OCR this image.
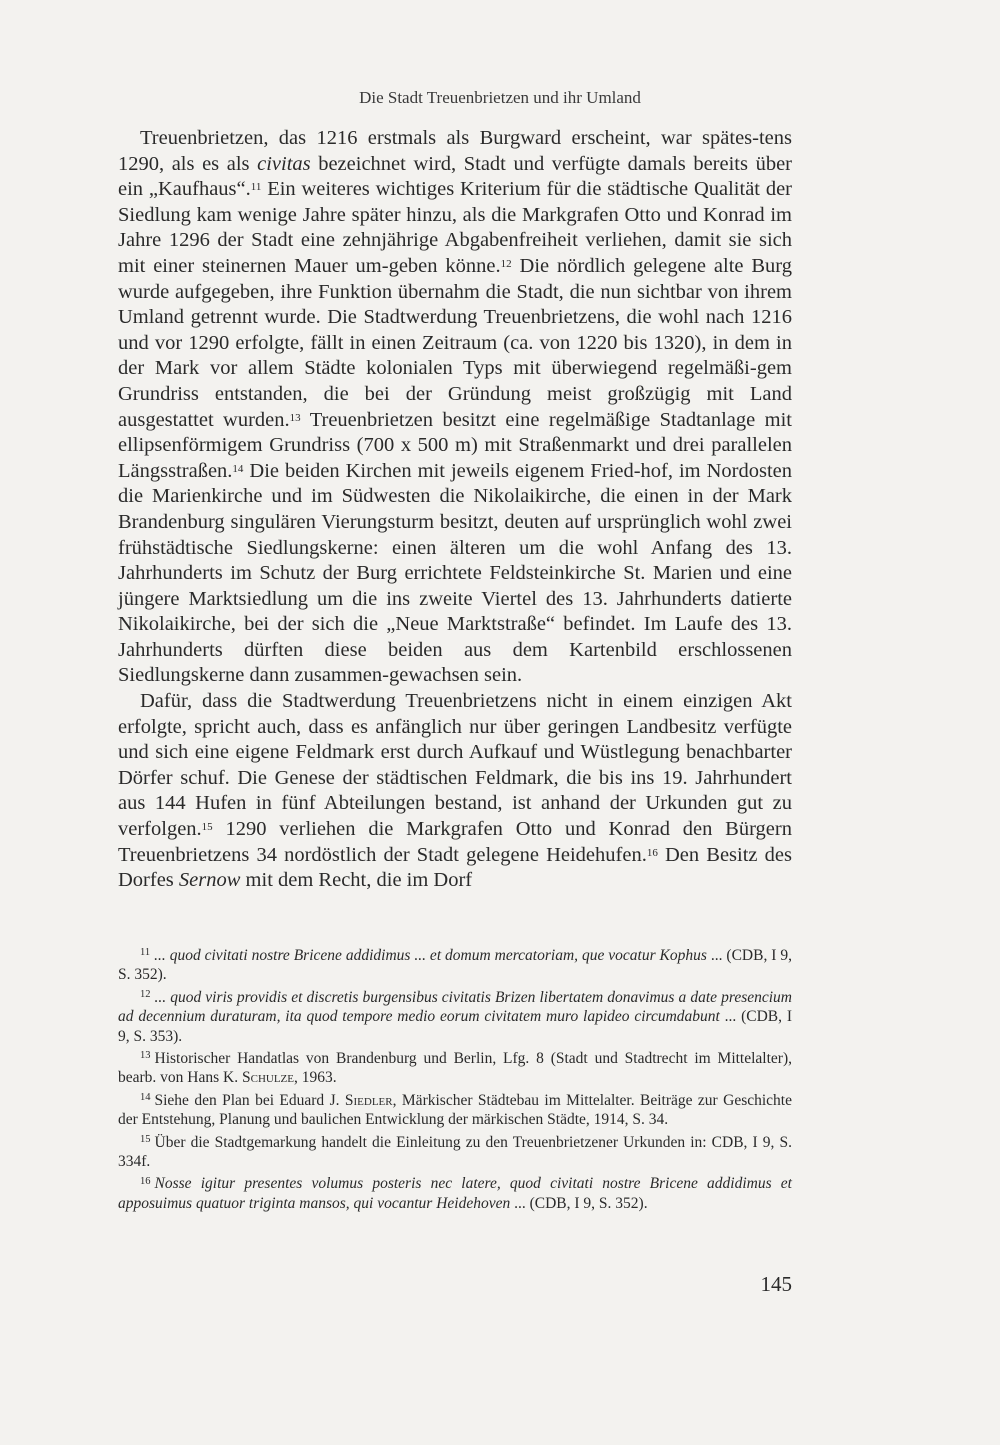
Die Stadt Treuenbrietzen und ihr Umland

Treuenbrietzen, das 1216 erstmals als Burgward erscheint, war spätes-tens 1290, als es als civitas bezeichnet wird, Stadt und verfügte damals bereits über ein „Kaufhaus“.$^{11}$ Ein weiteres wichtiges Kriterium für die städtische Qualität der Siedlung kam wenige Jahre später hinzu, als die Markgrafen Otto und Konrad im Jahre 1296 der Stadt eine zehnjährige Abgabenfreiheit verliehen, damit sie sich mit einer steinernen Mauer um-geben könne.$^{12}$ Die nördlich gelegene alte Burg wurde aufgegeben, ihre Funktion übernahm die Stadt, die nun sichtbar von ihrem Umland getrennt wurde. Die Stadtwerdung Treuenbrietzens, die wohl nach 1216 und vor 1290 erfolgte, fällt in einen Zeitraum (ca. von 1220 bis 1320), in dem in der Mark vor allem Städte kolonialen Typs mit überwiegend regelmäßi-gem Grundriss entstanden, die bei der Gründung meist großzügig mit Land ausgestattet wurden.$^{13}$ Treuenbrietzen besitzt eine regelmäßige Stadtanlage mit ellipsenförmigem Grundriss (700 x 500 m) mit Straßenmarkt und drei parallelen Längsstraßen.$^{14}$ Die beiden Kirchen mit jeweils eigenem Fried-hof, im Nordosten die Marienkirche und im Südwesten die Nikolaikirche, die einen in der Mark Brandenburg singulären Vierungsturm besitzt, deuten auf ursprünglich wohl zwei frühstädtische Siedlungskerne: einen älteren um die wohl Anfang des 13. Jahrhunderts im Schutz der Burg errichtete Feldsteinkirche St. Marien und eine jüngere Marktsiedlung um die ins zweite Viertel des 13. Jahrhunderts datierte Nikolaikirche, bei der sich die „Neue Marktstraße“ befindet. Im Laufe des 13. Jahrhunderts dürften diese beiden aus dem Kartenbild erschlossenen Siedlungskerne dann zusammen-gewachsen sein.

Dafür, dass die Stadtwerdung Treuenbrietzens nicht in einem einzigen Akt erfolgte, spricht auch, dass es anfänglich nur über geringen Landbesitz verfügte und sich eine eigene Feldmark erst durch Aufkauf und Wüstlegung benachbarter Dörfer schuf. Die Genese der städtischen Feldmark, die bis ins 19. Jahrhundert aus 144 Hufen in fünf Abteilungen bestand, ist anhand der Urkunden gut zu verfolgen.$^{15}$ 1290 verliehen die Markgrafen Otto und Konrad den Bürgern Treuenbrietzens 34 nordöstlich der Stadt gelegene Heidehufen.$^{16}$ Den Besitz des Dorfes Sernow mit dem Recht, die im Dorf

$^{11}$ ... quod civitati nostre Bricene addidimus ... et domum mercatoriam, que vocatur Kophus ... (CDB, I 9, S. 352).
$^{12}$ ... quod viris providis et discretis burgensibus civitatis Brizen libertatem donavimus a date presencium ad decennium duraturam, ita quod tempore medio eorum civitatem muro lapideo circumdabunt ... (CDB, I 9, S. 353).
$^{13}$ Historischer Handatlas von Brandenburg und Berlin, Lfg. 8 (Stadt und Stadtrecht im Mittelalter), bearb. von Hans K. Schulze, 1963.
$^{14}$ Siehe den Plan bei Eduard J. Siedler, Märkischer Städtebau im Mittelalter. Beiträge zur Geschichte der Entstehung, Planung und baulichen Entwicklung der märkischen Städte, 1914, S. 34.
$^{15}$ Über die Stadtgemarkung handelt die Einleitung zu den Treuenbrietzener Urkunden in: CDB, I 9, S. 334f.
$^{16}$ Nosse igitur presentes volumus posteris nec latere, quod civitati nostre Bricene addidimus et apposuimus quatuor triginta mansos, qui vocantur Heidehoven ... (CDB, I 9, S. 352).
145
